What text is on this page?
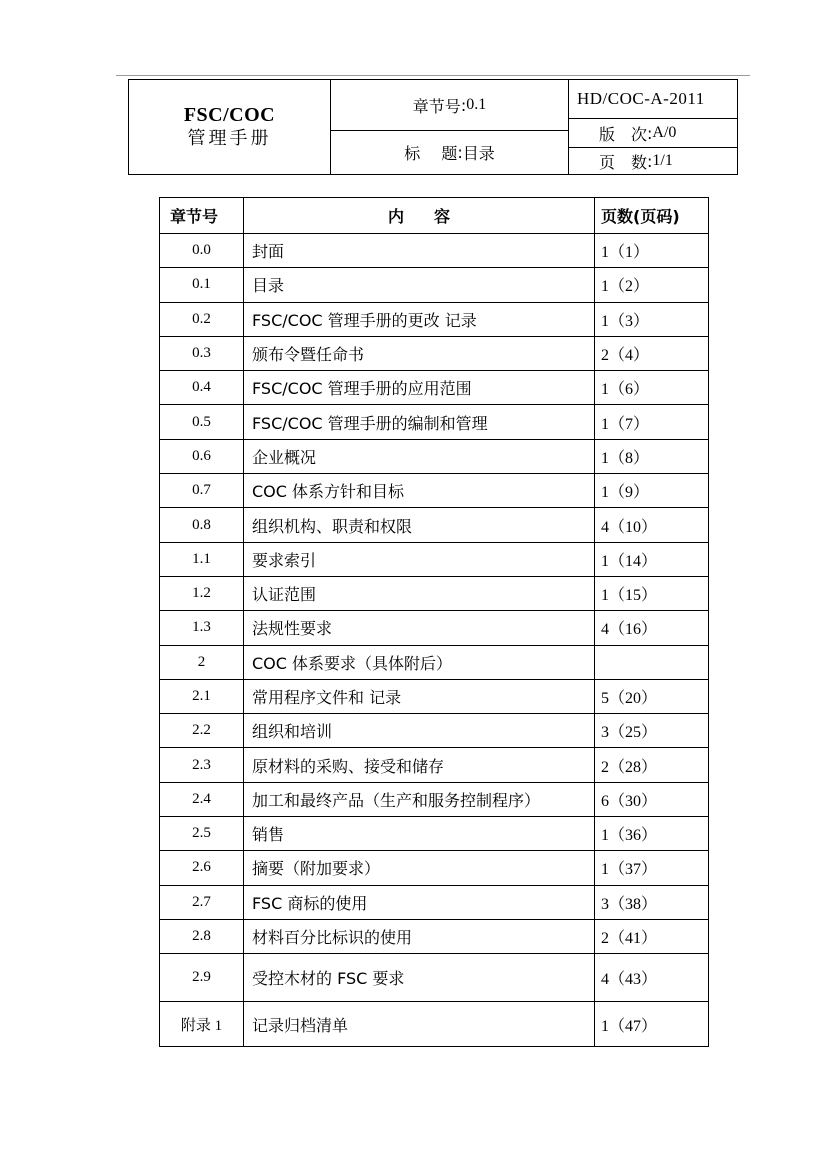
FSC/COC
管理手册
章节号 : 0.1
标　 题 : 目录
HD/COC-A-2011
版　次 : A/0
页　数 : 1/1
章节号	内容	页数(页码)
0.0	封面	1（1）
0.1	目录	1（2）
0.2	FSC/COC 管理手册的更改 记录	1（3）
0.3	颁布令暨任命书	2（4）
0.4	FSC/COC 管理手册的应用范围	1（6）
0.5	FSC/COC 管理手册的编制和管理	1（7）
0.6	企业概况	1（8）
0.7	COC 体系方针和目标	1（9）
0.8	组织机构、职责和权限	4（10）
1.1	要求索引	1（14）
1.2	认证范围	1（15）
1.3	法规性要求	4（16）
2	COC 体系要求（具体附后）	
2.1	常用程序文件和 记录	5（20）
2.2	组织和培训	3（25）
2.3	原材料的采购、接受和储存	2（28）
2.4	加工和最终产品（生产和服务控制程序）	6（30）
2.5	销售	1（36）
2.6	摘要（附加要求）	1（37）
2.7	FSC 商标的使用	3（38）
2.8	材料百分比标识的使用	2（41）
2.9	受控木材的 FSC 要求	4（43）
附录 1	记录归档清单	1（47）
